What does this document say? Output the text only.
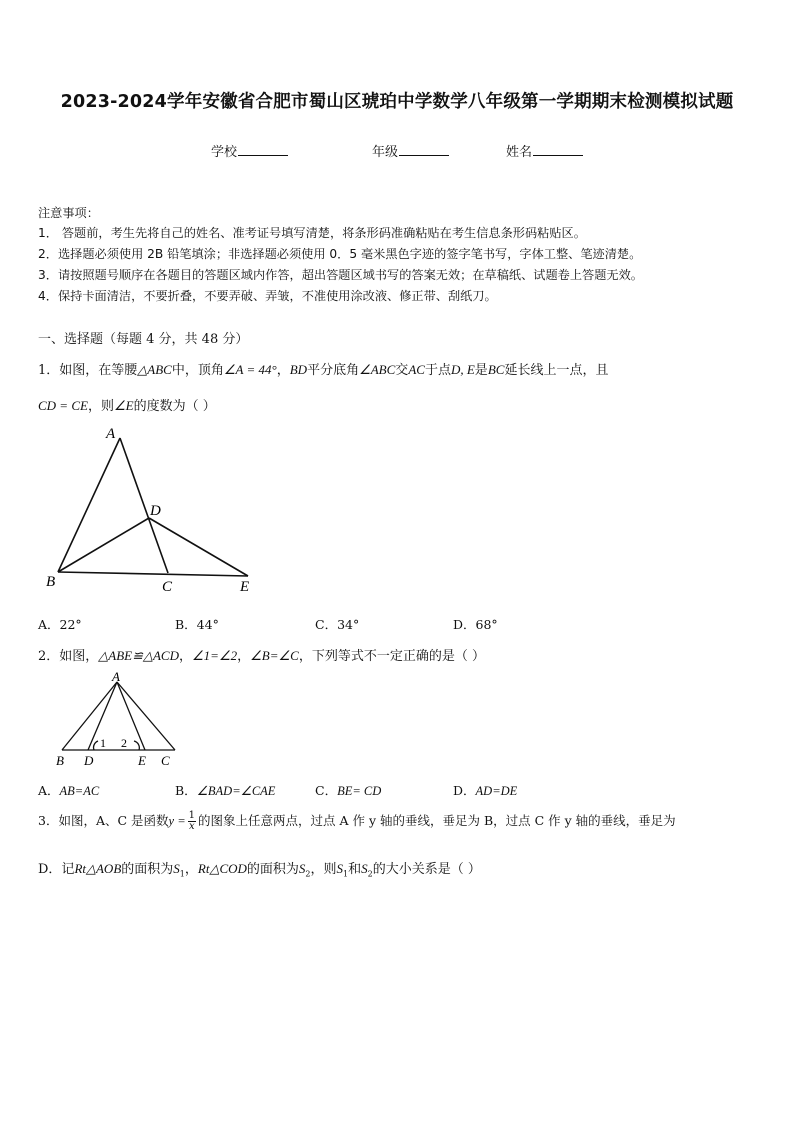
2023-2024学年安徽省合肥市蜀山区琥珀中学数学八年级第一学期期末检测模拟试题
学校	年级	姓名
注意事项：
1． 答题前，考生先将自己的姓名、准考证号填写清楚，将条形码准确粘贴在考生信息条形码粘贴区。
2．选择题必须使用 2B 铅笔填涂；非选择题必须使用 0．5 毫米黑色字迹的签字笔书写，字体工整、笔迹清楚。
3．请按照题号顺序在各题目的答题区域内作答，超出答题区域书写的答案无效；在草稿纸、试题卷上答题无效。
4．保持卡面清洁，不要折叠，不要弄破、弄皱，不准使用涂改液、修正带、刮纸刀。
一、选择题（每题 4 分，共 48 分）
1．如图，在等腰△ABC中，顶角∠A = 44°，BD平分底角∠ABC交AC于点D, E是BC延长线上一点，且
CD = CE，则∠E的度数为（ ）
A
B	C
D
E
A．22°	B．44°	C．34°	D．68°
2．如图，△ABE≌△ACD，∠1=∠2，∠B=∠C，下列等式不一定正确的是（ ）
A
B D	E C
1 2
A．AB=AC	B．∠BAD=∠CAE	C．BE= CD	D．AD=DE
3．如图，A、C 是函数$y = \frac{1}{x}$ 的图象上任意两点，过点 A 作 y 轴的垂线，垂足为 B，过点 C 作 y 轴的垂线，垂足为
D．记Rt△AOB的面积为$S_1$，Rt△COD的面积为$S_2$，则$S_1$和$S_2$的大小关系是（ ）
